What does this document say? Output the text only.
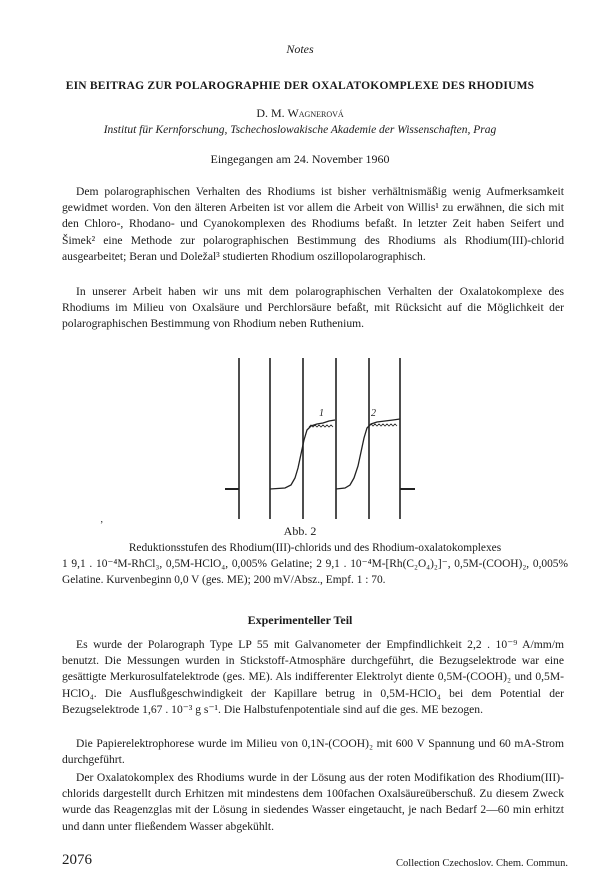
Notes
EIN BEITRAG ZUR POLAROGRAPHIE DER OXALATOKOMPLEXE DES RHODIUMS
D. M. Wagnerová
Institut für Kernforschung, Tschechoslowakische Akademie der Wissenschaften, Prag
Eingegangen am 24. November 1960

Dem polarographischen Verhalten des Rhodiums ist bisher verhältnismäßig wenig Aufmerksamkeit gewidmet worden. Von den älteren Arbeiten ist vor allem die Arbeit von Willis¹ zu erwähnen, die sich mit den Chloro-, Rhodano- und Cyanokomplexen des Rhodiums befaßt. In letzter Zeit haben Seifert und Šimek² eine Methode zur polarographischen Bestimmung des Rhodiums als Rhodium(III)-chlorid ausgearbeitet; Beran und Doležal³ studierten Rhodium oszillopolarographisch.

In unserer Arbeit haben wir uns mit dem polarographischen Verhalten der Oxalatokomplexe des Rhodiums im Milieu von Oxalsäure und Perchlorsäure befaßt, mit Rücksicht auf die Möglichkeit der polarographischen Bestimmung von Rhodium neben Ruthenium.

1	2
ʼ	Abb. 2

Reduktionsstufen des Rhodium(III)-chlorids und des Rhodium-oxalatokomplexes

1 9,1 . 10⁻⁴M-RhCl₃, 0,5M-HClO₄, 0,005% Gelatine; 2 9,1 . 10⁻⁴M-[Rh(C₂O₄)₂]⁻, 0,5M-(COOH)₂, 0,005% Gelatine. Kurvenbeginn 0,0 V (ges. ME); 200 mV/Absz., Empf. 1 : 70.

Experimenteller Teil

Es wurde der Polarograph Type LP 55 mit Galvanometer der Empfindlichkeit 2,2 . 10⁻⁹ A/mm/m benutzt. Die Messungen wurden in Stickstoff-Atmosphäre durchgeführt, die Bezugselektrode war eine gesättigte Merkurosulfatelektrode (ges. ME). Als indifferenter Elektrolyt diente 0,5M-(COOH)₂ und 0,5M-HClO₄. Die Ausflußgeschwindigkeit der Kapillare betrug in 0,5M-HClO₄ bei dem Potential der Bezugselektrode 1,67 . 10⁻³ g s⁻¹. Die Halbstufenpotentiale sind auf die ges. ME bezogen.

Die Papierelektrophorese wurde im Milieu von 0,1N-(COOH)₂ mit 600 V Spannung und 60 mA-Strom durchgeführt.

Der Oxalatokomplex des Rhodiums wurde in der Lösung aus der roten Modifikation des Rhodium(III)-chlorids dargestellt durch Erhitzen mit mindestens dem 100fachen Oxalsäureüberschuß. Zu diesem Zweck wurde das Reagenzglas mit der Lösung in siedendes Wasser eingetaucht, je nach Bedarf 2—60 min erhitzt und dann unter fließendem Wasser abgekühlt.

2076	Collection Czechoslov. Chem. Commun.
